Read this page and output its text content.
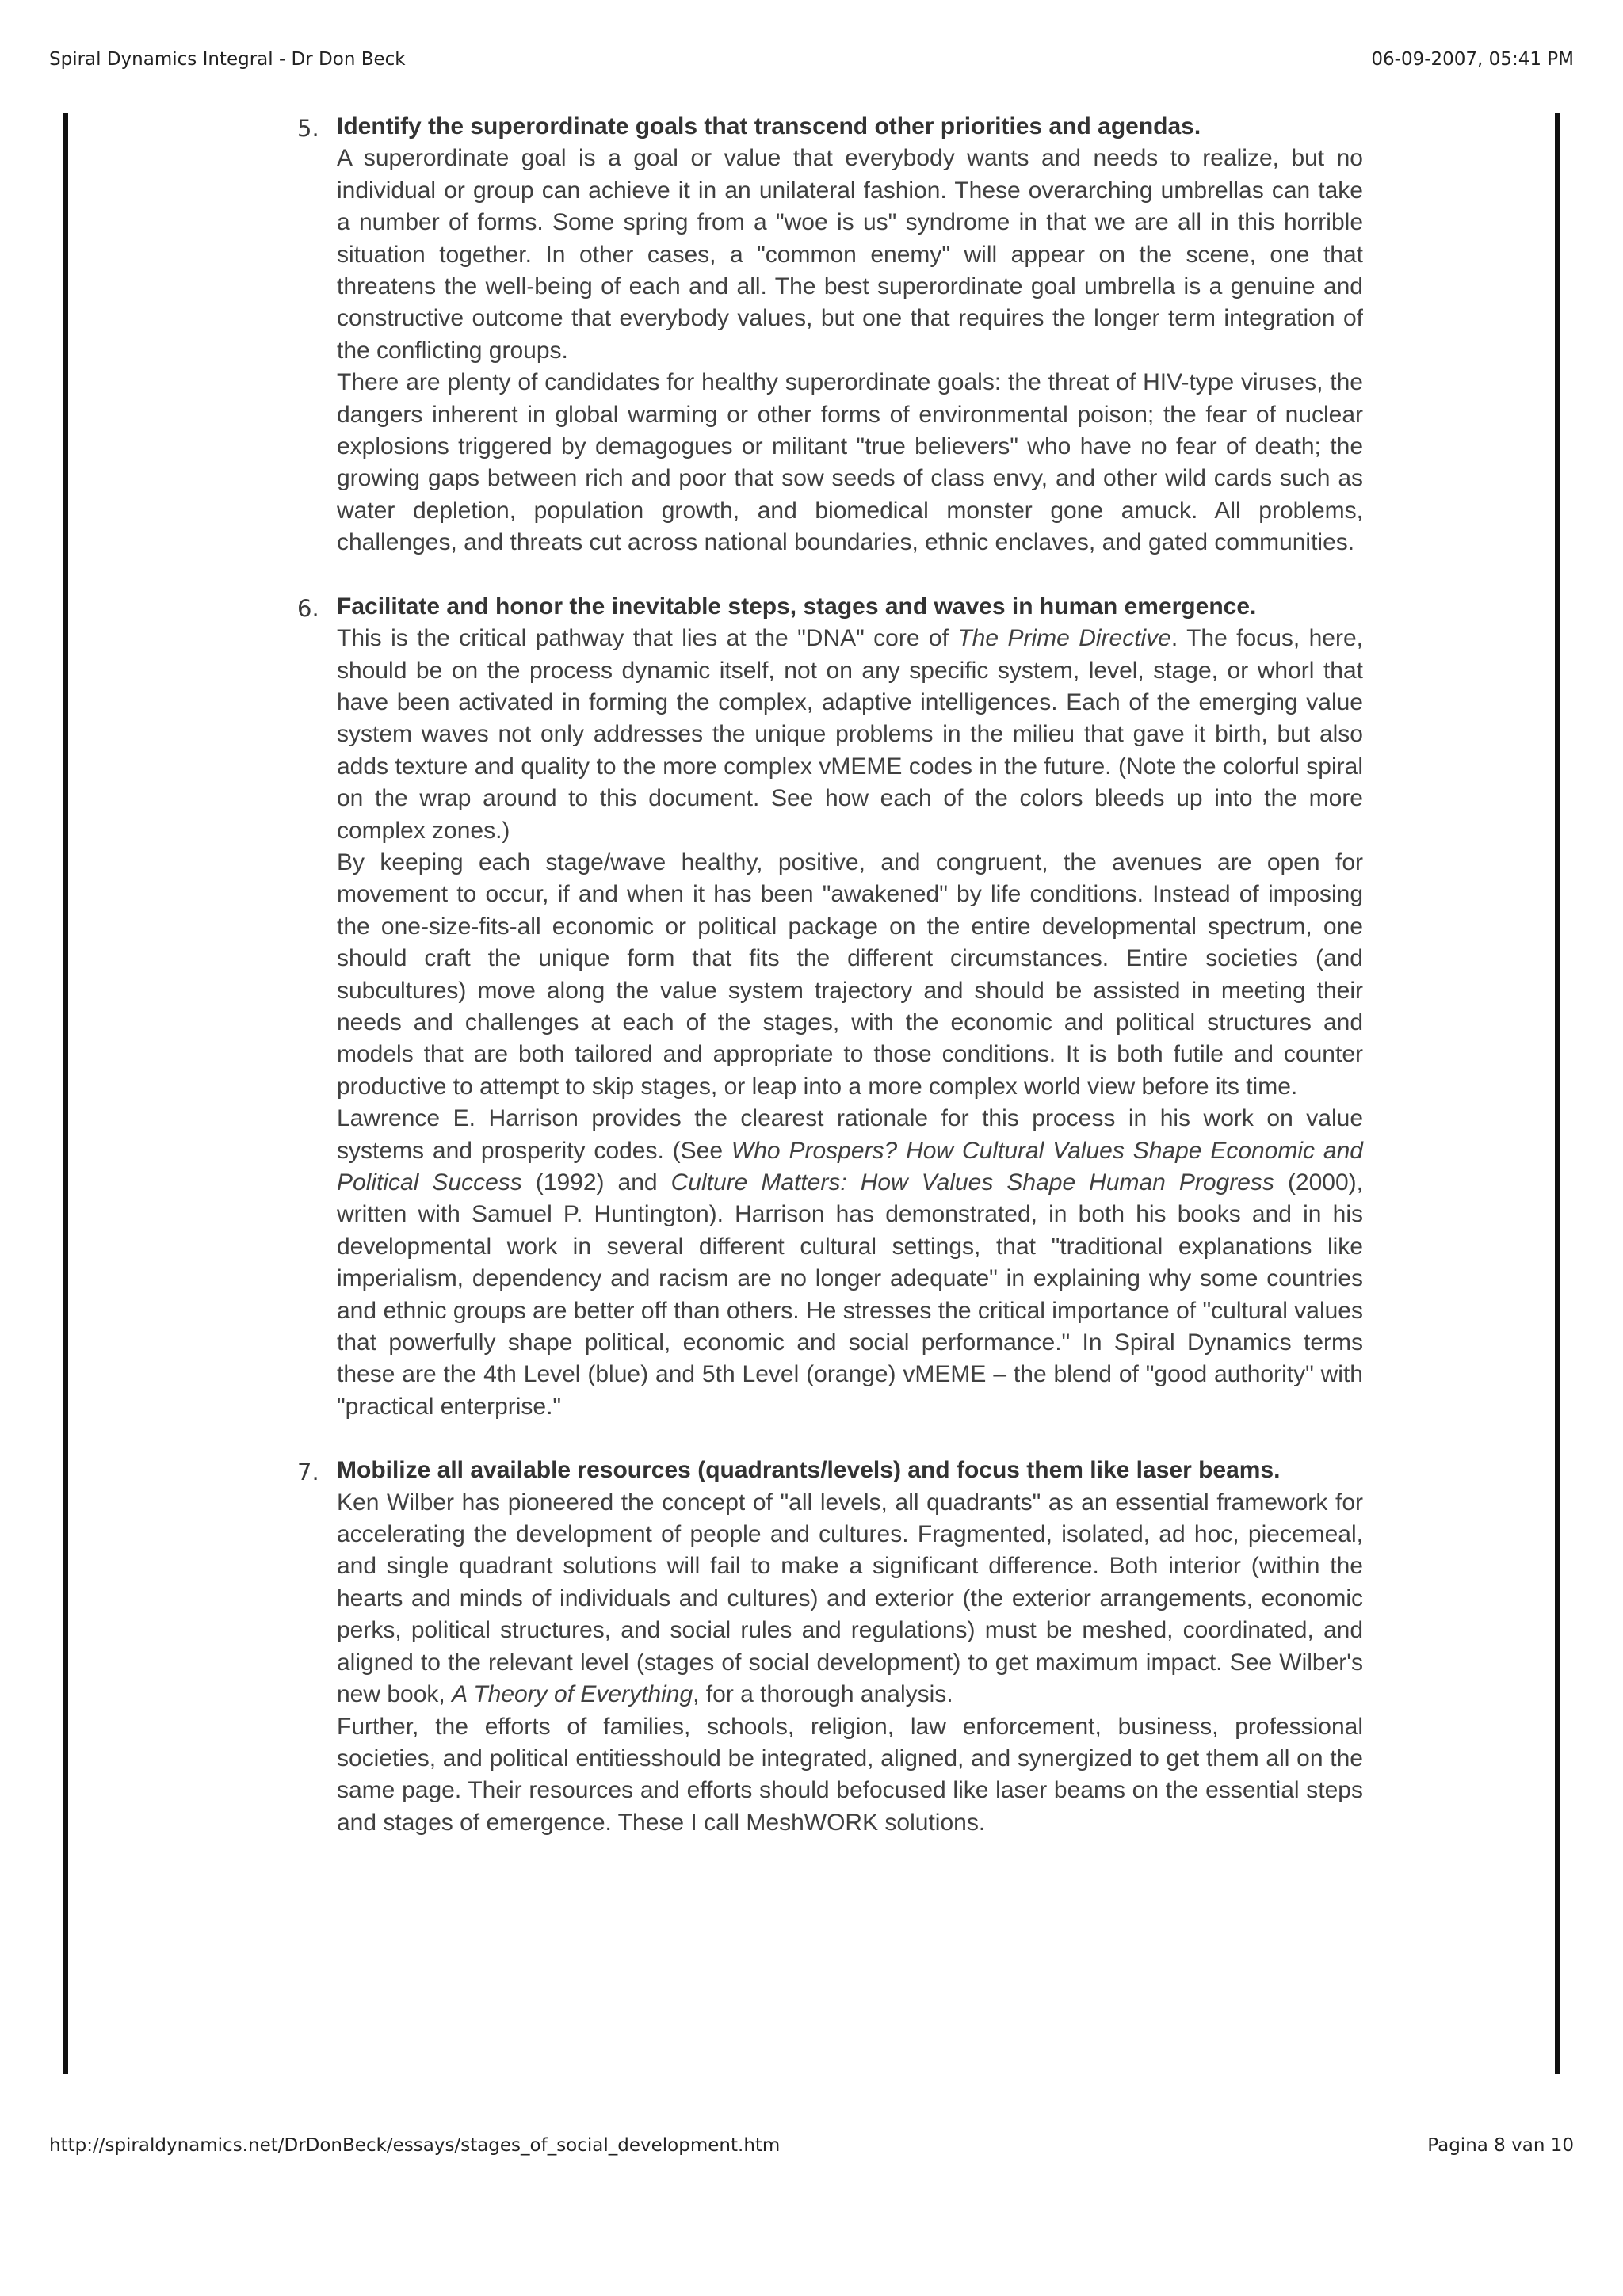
Spiral Dynamics Integral - Dr Don Beck	06-09-2007, 05:41 PM
5. Identify the superordinate goals that transcend other priorities and agendas.

A superordinate goal is a goal or value that everybody wants and needs to realize, but no individual or group can achieve it in an unilateral fashion. These overarching umbrellas can take a number of forms. Some spring from a "woe is us" syndrome in that we are all in this horrible situation together. In other cases, a "common enemy" will appear on the scene, one that threatens the well-being of each and all. The best superordinate goal umbrella is a genuine and constructive outcome that everybody values, but one that requires the longer term integration of the conflicting groups.

There are plenty of candidates for healthy superordinate goals: the threat of HIV-type viruses, the dangers inherent in global warming or other forms of environmental poison; the fear of nuclear explosions triggered by demagogues or militant "true believers" who have no fear of death; the growing gaps between rich and poor that sow seeds of class envy, and other wild cards such as water depletion, population growth, and biomedical monster gone amuck. All problems, challenges, and threats cut across national boundaries, ethnic enclaves, and gated communities.

6. Facilitate and honor the inevitable steps, stages and waves in human emergence.

This is the critical pathway that lies at the "DNA" core of The Prime Directive. The focus, here, should be on the process dynamic itself, not on any specific system, level, stage, or whorl that have been activated in forming the complex, adaptive intelligences. Each of the emerging value system waves not only addresses the unique problems in the milieu that gave it birth, but also adds texture and quality to the more complex vMEME codes in the future. (Note the colorful spiral on the wrap around to this document. See how each of the colors bleeds up into the more complex zones.)

By keeping each stage/wave healthy, positive, and congruent, the avenues are open for movement to occur, if and when it has been "awakened" by life conditions. Instead of imposing the one-size-fits-all economic or political package on the entire developmental spectrum, one should craft the unique form that fits the different circumstances. Entire societies (and subcultures) move along the value system trajectory and should be assisted in meeting their needs and challenges at each of the stages, with the economic and political structures and models that are both tailored and appropriate to those conditions. It is both futile and counter productive to attempt to skip stages, or leap into a more complex world view before its time.

Lawrence E. Harrison provides the clearest rationale for this process in his work on value systems and prosperity codes. (See Who Prospers? How Cultural Values Shape Economic and Political Success (1992) and Culture Matters: How Values Shape Human Progress (2000), written with Samuel P. Huntington). Harrison has demonstrated, in both his books and in his developmental work in several different cultural settings, that "traditional explanations like imperialism, dependency and racism are no longer adequate" in explaining why some countries and ethnic groups are better off than others. He stresses the critical importance of "cultural values that powerfully shape political, economic and social performance." In Spiral Dynamics terms these are the 4th Level (blue) and 5th Level (orange) vMEME – the blend of "good authority" with "practical enterprise."

7. Mobilize all available resources (quadrants/levels) and focus them like laser beams.

Ken Wilber has pioneered the concept of "all levels, all quadrants" as an essential framework for accelerating the development of people and cultures. Fragmented, isolated, ad hoc, piecemeal, and single quadrant solutions will fail to make a significant difference. Both interior (within the hearts and minds of individuals and cultures) and exterior (the exterior arrangements, economic perks, political structures, and social rules and regulations) must be meshed, coordinated, and aligned to the relevant level (stages of social development) to get maximum impact. See Wilber's new book, A Theory of Everything, for a thorough analysis.

Further, the efforts of families, schools, religion, law enforcement, business, professional societies, and political entitiesshould be integrated, aligned, and synergized to get them all on the same page. Their resources and efforts should befocused like laser beams on the essential steps and stages of emergence. These I call MeshWORK solutions.

http://spiraldynamics.net/DrDonBeck/essays/stages_of_social_development.htm	Pagina 8 van 10
